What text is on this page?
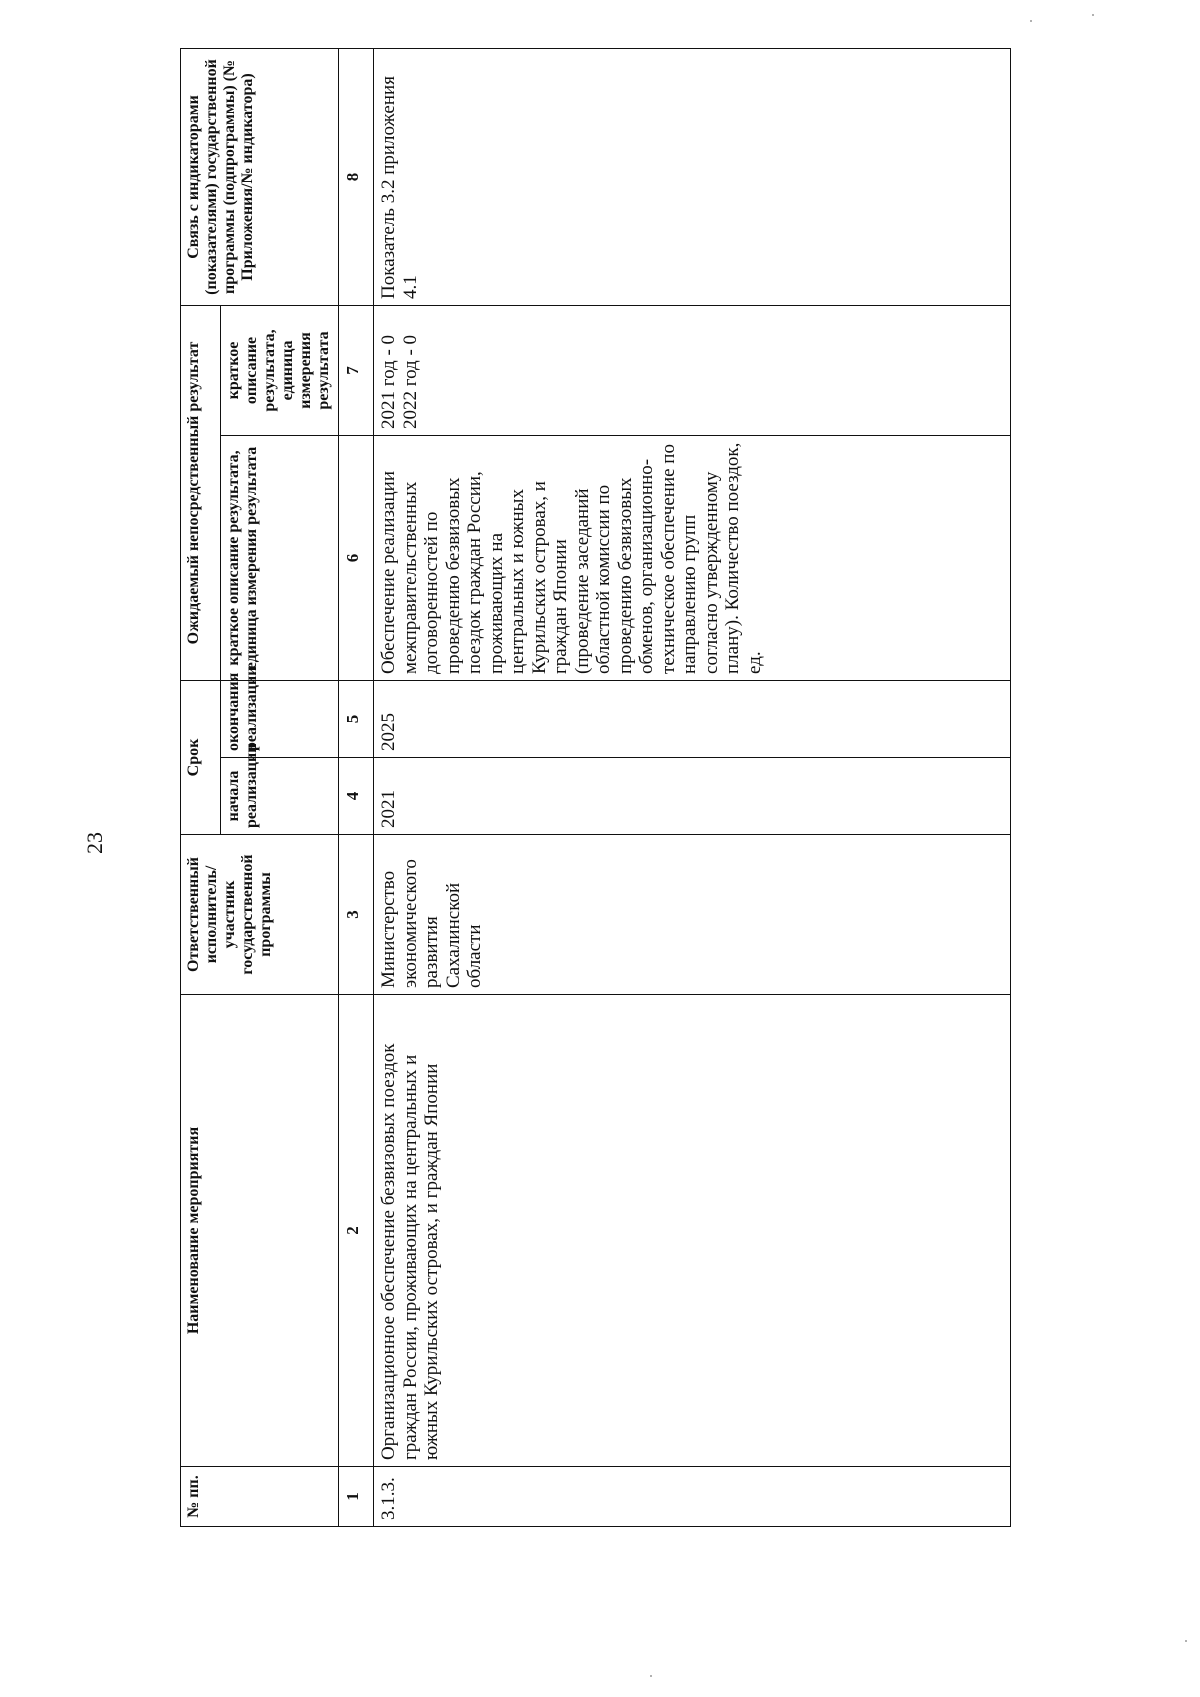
23
№ пп.	Наименование мероприятия	Ответственный исполнитель/участник государственной программы	Срок		Ожидаемый непосредственный результат		Связь с индикаторами (показателями) государственной программы (подпрограммы) (№ Приложения/№ индикатора)
			начала реализации	окончания реализации	краткое описание результата, единица измерения результата	краткое описание результата, единица измерения результата	
1	2	3	4	5	6	7	8
3.1.3.	Организационное обеспечение безвизовых поездок граждан России, проживающих на центральных и южных Курильских островах, и граждан Японии	Министерство экономического развития Сахалинской области	2021	2025	Обеспечение реализации межправительственных договоренностей по проведению безвизовых поездок граждан России, проживающих на центральных и южных Курильских островах, и граждан Японии (проведение заседаний областной комиссии по проведению безвизовых обменов, организационно-техническое обеспечение по направлению групп согласно утвержденному плану). Количество поездок, ед.	2021 год - 0 2022 год - 0	Показатель 3.2 приложения 4.1
